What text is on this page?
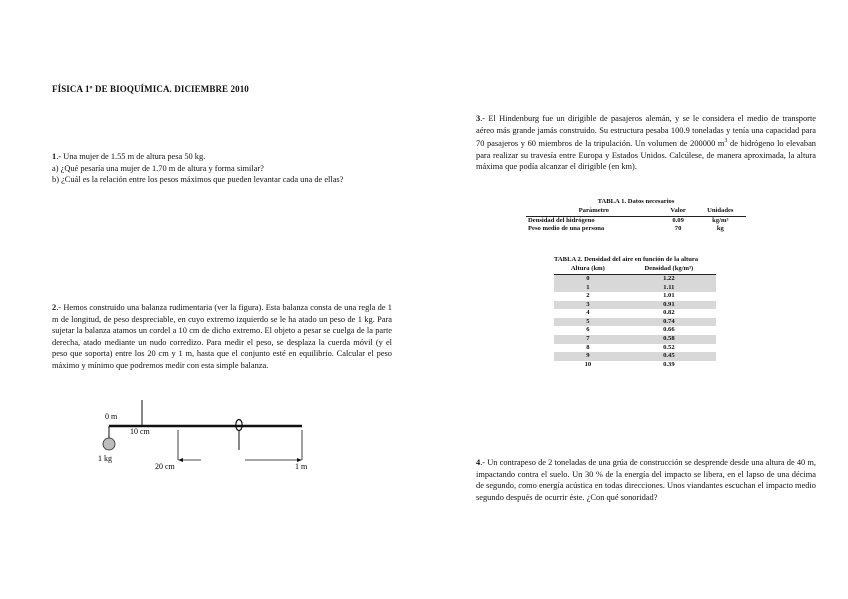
FÍSICA 1º DE BIOQUÍMICA. DICIEMBRE 2010
1.- Una mujer de 1.55 m de altura pesa 50 kg.
a) ¿Qué pesaría una mujer de 1.70 m de altura y forma similar?
b) ¿Cuál es la relación entre los pesos máximos que pueden levantar cada una de ellas?
2.- Hemos construido una balanza rudimentaria (ver la figura). Esta balanza consta de una regla de 1 m de longitud, de peso despreciable, en cuyo extremo izquierdo se le ha atado un peso de 1 kg. Para sujetar la balanza atamos un cordel a 10 cm de dicho extremo. El objeto a pesar se cuelga de la parte derecha, atado mediante un nudo corredizo. Para medir el peso, se desplaza la cuerda móvil (y el peso que soporta) entre los 20 cm y 1 m, hasta que el conjunto esté en equilibrio. Calcular el peso máximo y mínimo que podremos medir con esta simple balanza.
0 m
10 cm
1 kg
20 cm	1 m
3.- El Hindenburg fue un dirigible de pasajeros alemán, y se le considera el medio de transporte aéreo más grande jamás construido. Su estructura pesaba 100.9 toneladas y tenía una capacidad para 70 pasajeros y 60 miembros de la tripulación. Un volumen de 200000 $m^3$ de hidrógeno lo elevaban para realizar su travesía entre Europa y Estados Unidos. Calcúlese, de manera aproximada, la altura máxima que podía alcanzar el dirigible (en km).
TABLA 1. Datos necesarios
Parámetro	Valor	Unidades
Densidad del hidrógeno	0.09	kg/m³
Peso medio de una persona	70	kg
TABLA 2. Densidad del aire en función de la altura
Altura (km)	Densidad (kg/m³)
0	1.22
1	1.11
2	1.01
3	0.91
4	0.82
5	0.74
6	0.66
7	0.58
8	0.52
9	0.45
10	0.39
4.- Un contrapeso de 2 toneladas de una grúa de construcción se desprende desde una altura de 40 m, impactando contra el suelo. Un 30 % de la energía del impacto se libera, en el lapso de una décima de segundo, como energía acústica en todas direcciones. Unos viandantes escuchan el impacto medio segundo después de ocurrir éste. ¿Con qué sonoridad?
